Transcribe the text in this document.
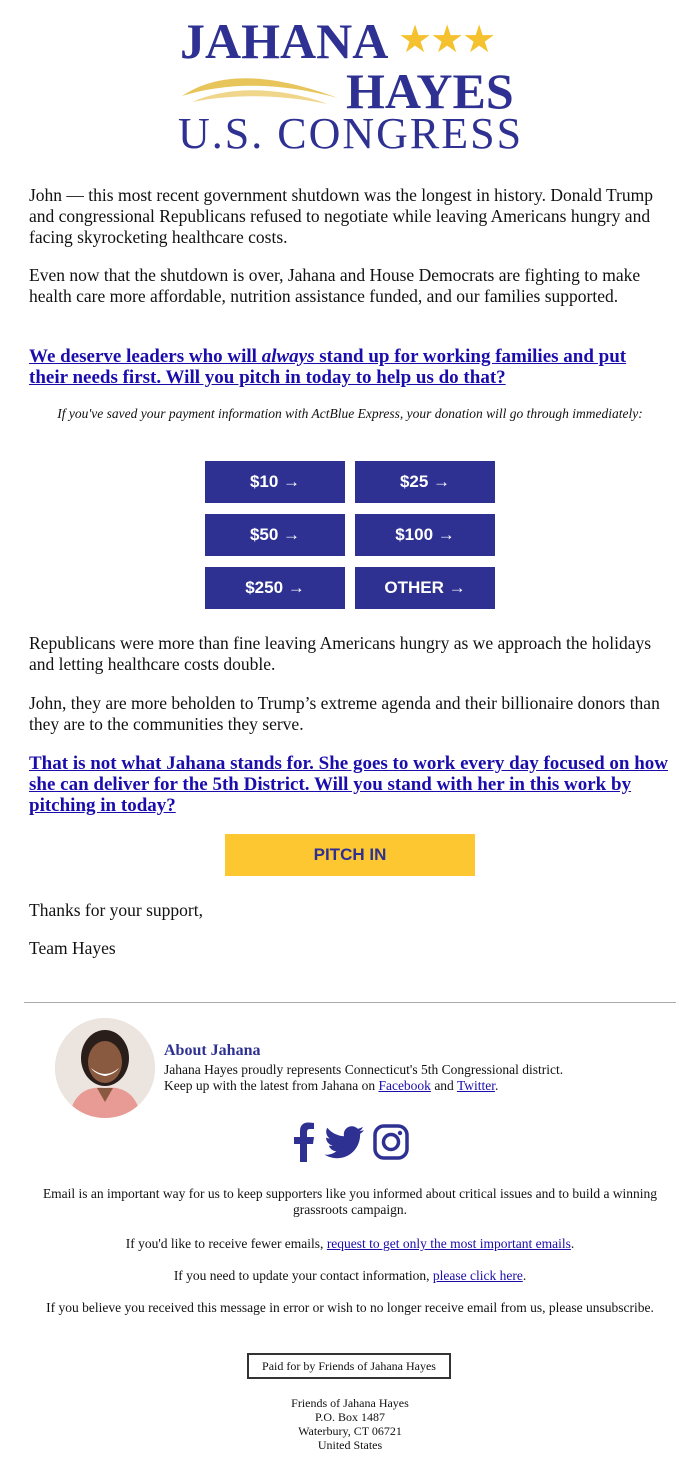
JAHANA ★★★
HAYES
U.S. CONGRESS

John — this most recent government shutdown was the longest in history. Donald Trump and congressional Republicans refused to negotiate while leaving Americans hungry and facing skyrocketing healthcare costs.

Even now that the shutdown is over, Jahana and House Democrats are fighting to make health care more affordable, nutrition assistance funded, and our families supported.

We deserve leaders who will always stand up for working families and put their needs first. Will you pitch in today to help us do that?

If you've saved your payment information with ActBlue Express, your donation will go through immediately:
$10 →	$25 →
$50 →	$100 →
$250 →	OTHER →

Republicans were more than fine leaving Americans hungry as we approach the holidays and letting healthcare costs double.

John, they are more beholden to Trump’s extreme agenda and their billionaire donors than they are to the communities they serve.

That is not what Jahana stands for. She goes to work every day focused on how she can deliver for the 5th District. Will you stand with her in this work by pitching in today?

PITCH IN

Thanks for your support,

Team Hayes

About Jahana
Jahana Hayes proudly represents Connecticut's 5th Congressional district.
Keep up with the latest from Jahana on Facebook and Twitter.
Email is an important way for us to keep supporters like you informed about critical issues and to build a winning grassroots campaign.
If you'd like to receive fewer emails, request to get only the most important emails.
If you need to update your contact information, please click here.
If you believe you received this message in error or wish to no longer receive email from us, please unsubscribe.
Paid for by Friends of Jahana Hayes
Friends of Jahana Hayes
P.O. Box 1487
Waterbury, CT 06721
United States
